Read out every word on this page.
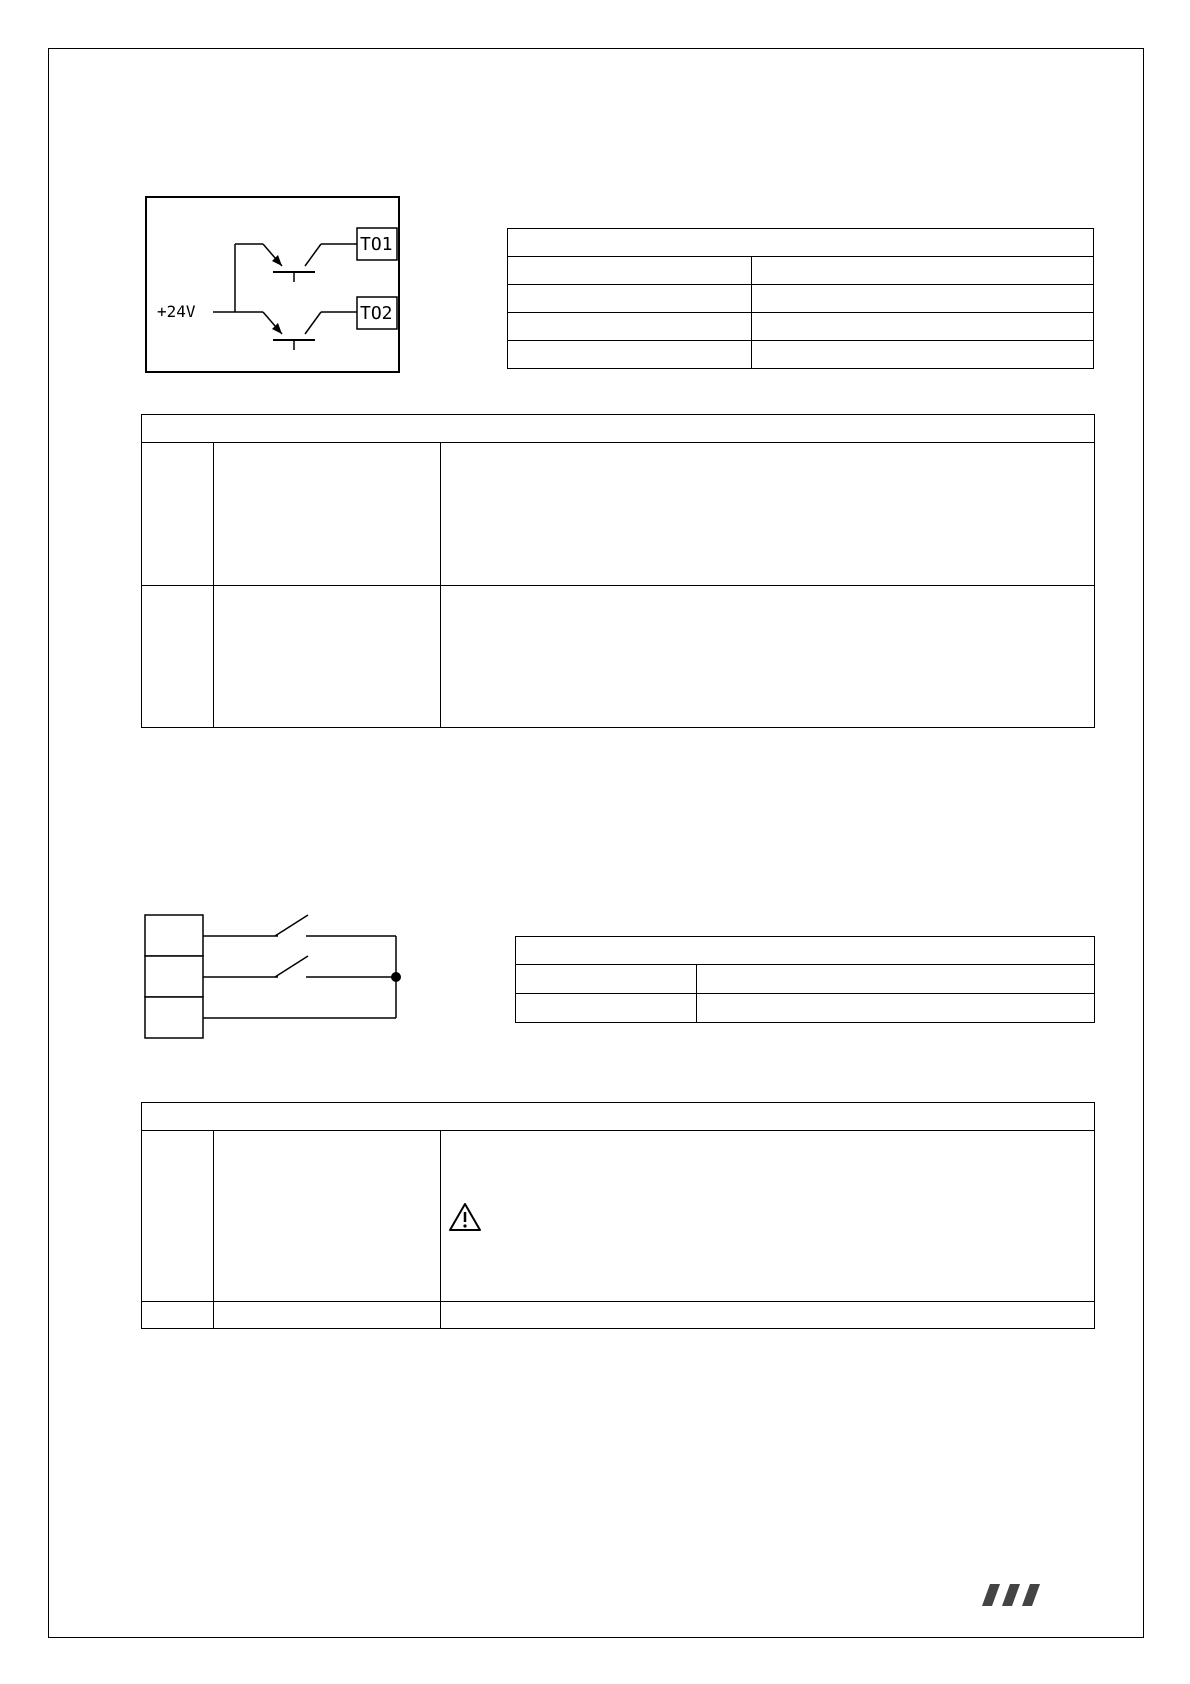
+24V
TO1
TO2
